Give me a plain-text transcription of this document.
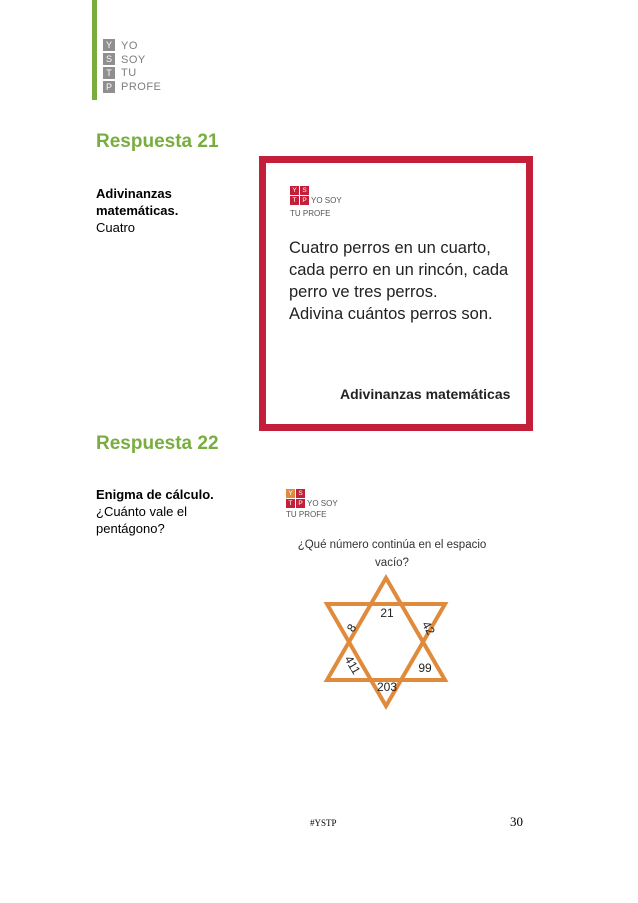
Y
S
T
P
YO
SOY
TU
PROFE
Respuesta 21
Adivinanzas matemáticas.
Cuatro
Y S
T P YO SOY
TU PROFE
Cuatro perros en un cuarto,
cada perro en un rincón, cada
perro ve tres perros.
Adivina cuántos perros son.
Adivinanzas matemáticas
Respuesta 22
Enigma de cálculo.
¿Cuánto vale el pentágono?
Y S
T P YO SOY
TU PROFE
¿Qué número continúa en el espacio
vacío?
21
8	42
411	99
203
#YSTP	30
